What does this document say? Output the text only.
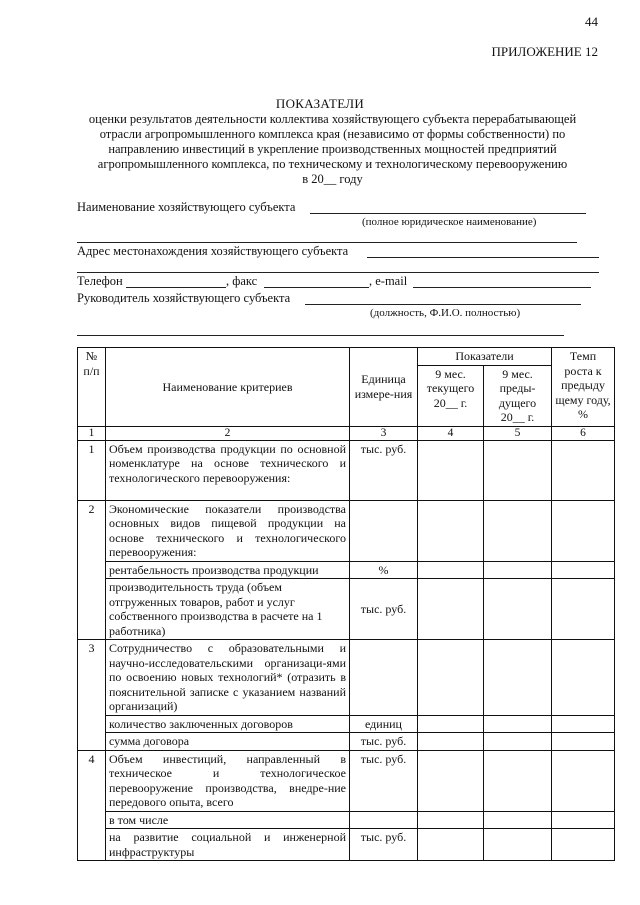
44
ПРИЛОЖЕНИЕ 12
ПОКАЗАТЕЛИ
оценки результатов деятельности коллектива хозяйствующего субъекта перерабатывающей
отрасли агропромышленного комплекса края (независимо от формы собственности) по
направлению инвестиций в укрепление производственных мощностей предприятий
агропромышленного комплекса, по техническому и технологическому перевооружению
в 20__ году
Наименование хозяйствующего субъекта
(полное юридическое наименование)
Адрес местонахождения хозяйствующего субъекта
Телефон	, факс	, e-mail
Руководитель хозяйствующего субъекта
(должность, Ф.И.О. полностью)
№ п/п	Наименование критериев	Единица измере-ния	Показатели		Темп роста к предыду щему году, %
			9 мес. текущего 20__ г.	9 мес. преды-дущего 20__ г.	
1	2	3	4	5	6
1	Объем производства продукции по основной номенклатуре на основе технического и технологического перевооружения:	тыс. руб.			
2	Экономические показатели производства основных видов пищевой продукции на основе технического и технологического перевооружения:				
	рентабельность производства продукции	%			
	производительность труда (объем отгруженных товаров, работ и услуг собственного производства в расчете на 1 работника)	тыс. руб.			
3	Сотрудничество с образовательными и научно-исследовательскими организаци-ями по освоению новых технологий* (отразить в пояснительной записке с указанием названий организаций)				
	количество заключенных договоров	единиц			
	сумма договора	тыс. руб.			
4	Объем инвестиций, направленный в техническое и технологическое перевооружение производства, внедре-ние передового опыта, всего	тыс. руб.			
	в том числе				
	на развитие социальной и инженерной инфраструктуры	тыс. руб.			
